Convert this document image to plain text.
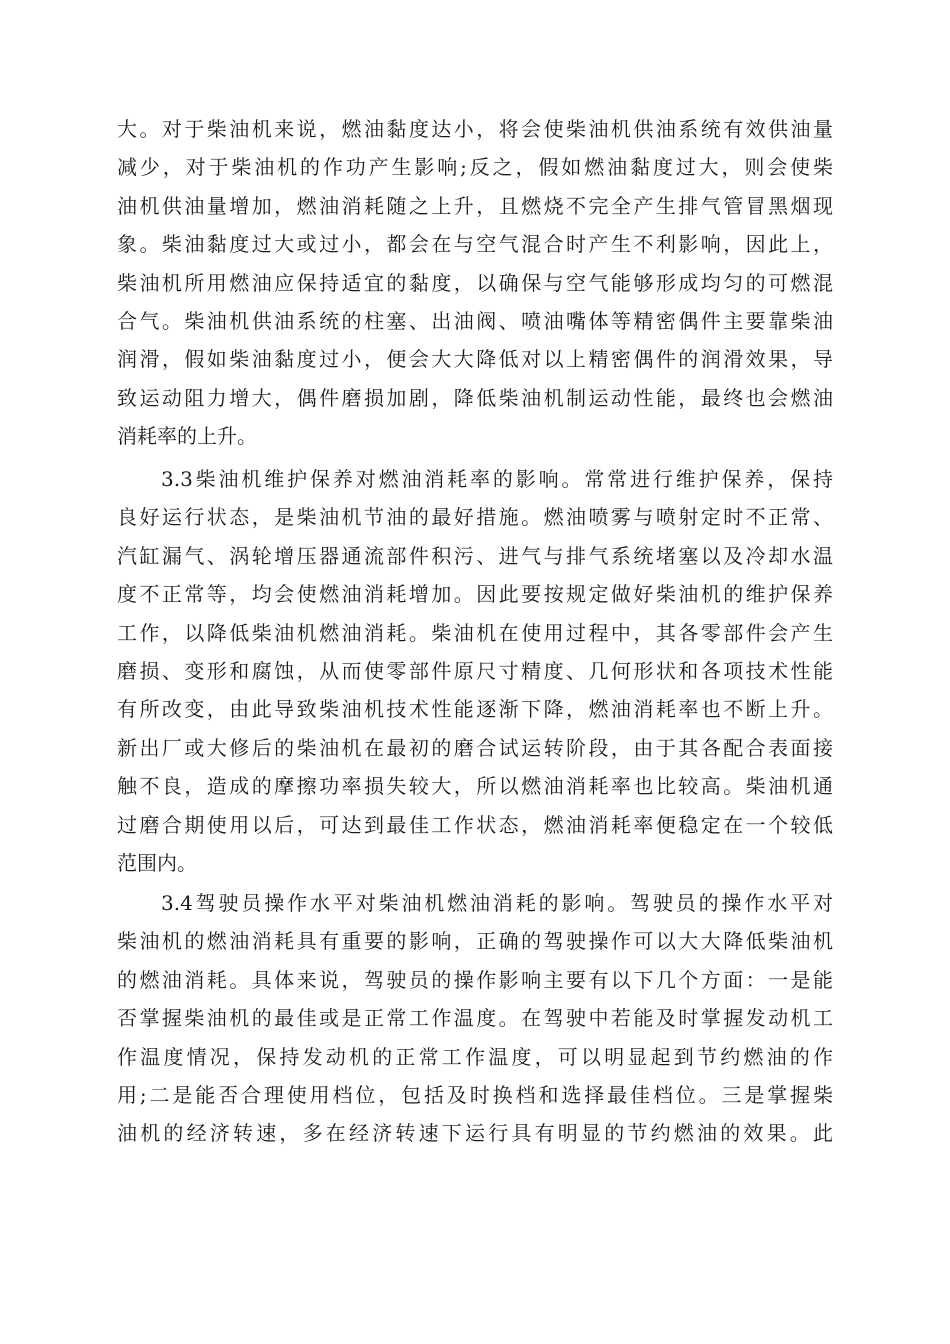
大。对于柴油机来说，燃油黏度达小，将会使柴油机供油系统有效供油量
减少，对于柴油机的作功产生影响;反之，假如燃油黏度过大，则会使柴
油机供油量增加，燃油消耗随之上升，且燃烧不完全产生排气管冒黑烟现
象。柴油黏度过大或过小，都会在与空气混合时产生不利影响，因此上，
柴油机所用燃油应保持适宜的黏度，以确保与空气能够形成均匀的可燃混
合气。柴油机供油系统的柱塞、出油阀、喷油嘴体等精密偶件主要靠柴油
润滑，假如柴油黏度过小，便会大大降低对以上精密偶件的润滑效果，导
致运动阻力增大，偶件磨损加剧，降低柴油机制运动性能，最终也会燃油
消耗率的上升。
3.3柴油机维护保养对燃油消耗率的影响。常常进行维护保养，保持
良好运行状态，是柴油机节油的最好措施。燃油喷雾与喷射定时不正常、
汽缸漏气、涡轮增压器通流部件积污、进气与排气系统堵塞以及冷却水温
度不正常等，均会使燃油消耗增加。因此要按规定做好柴油机的维护保养
工作，以降低柴油机燃油消耗。柴油机在使用过程中，其各零部件会产生
磨损、变形和腐蚀，从而使零部件原尺寸精度、几何形状和各项技术性能
有所改变，由此导致柴油机技术性能逐渐下降，燃油消耗率也不断上升。
新出厂或大修后的柴油机在最初的磨合试运转阶段，由于其各配合表面接
触不良，造成的摩擦功率损失较大，所以燃油消耗率也比较高。柴油机通
过磨合期使用以后，可达到最佳工作状态，燃油消耗率便稳定在一个较低
范围内。
3.4驾驶员操作水平对柴油机燃油消耗的影响。驾驶员的操作水平对
柴油机的燃油消耗具有重要的影响，正确的驾驶操作可以大大降低柴油机
的燃油消耗。具体来说，驾驶员的操作影响主要有以下几个方面：一是能
否掌握柴油机的最佳或是正常工作温度。在驾驶中若能及时掌握发动机工
作温度情况，保持发动机的正常工作温度，可以明显起到节约燃油的作
用;二是能否合理使用档位，包括及时换档和选择最佳档位。三是掌握柴
油机的经济转速，多在经济转速下运行具有明显的节约燃油的效果。此
